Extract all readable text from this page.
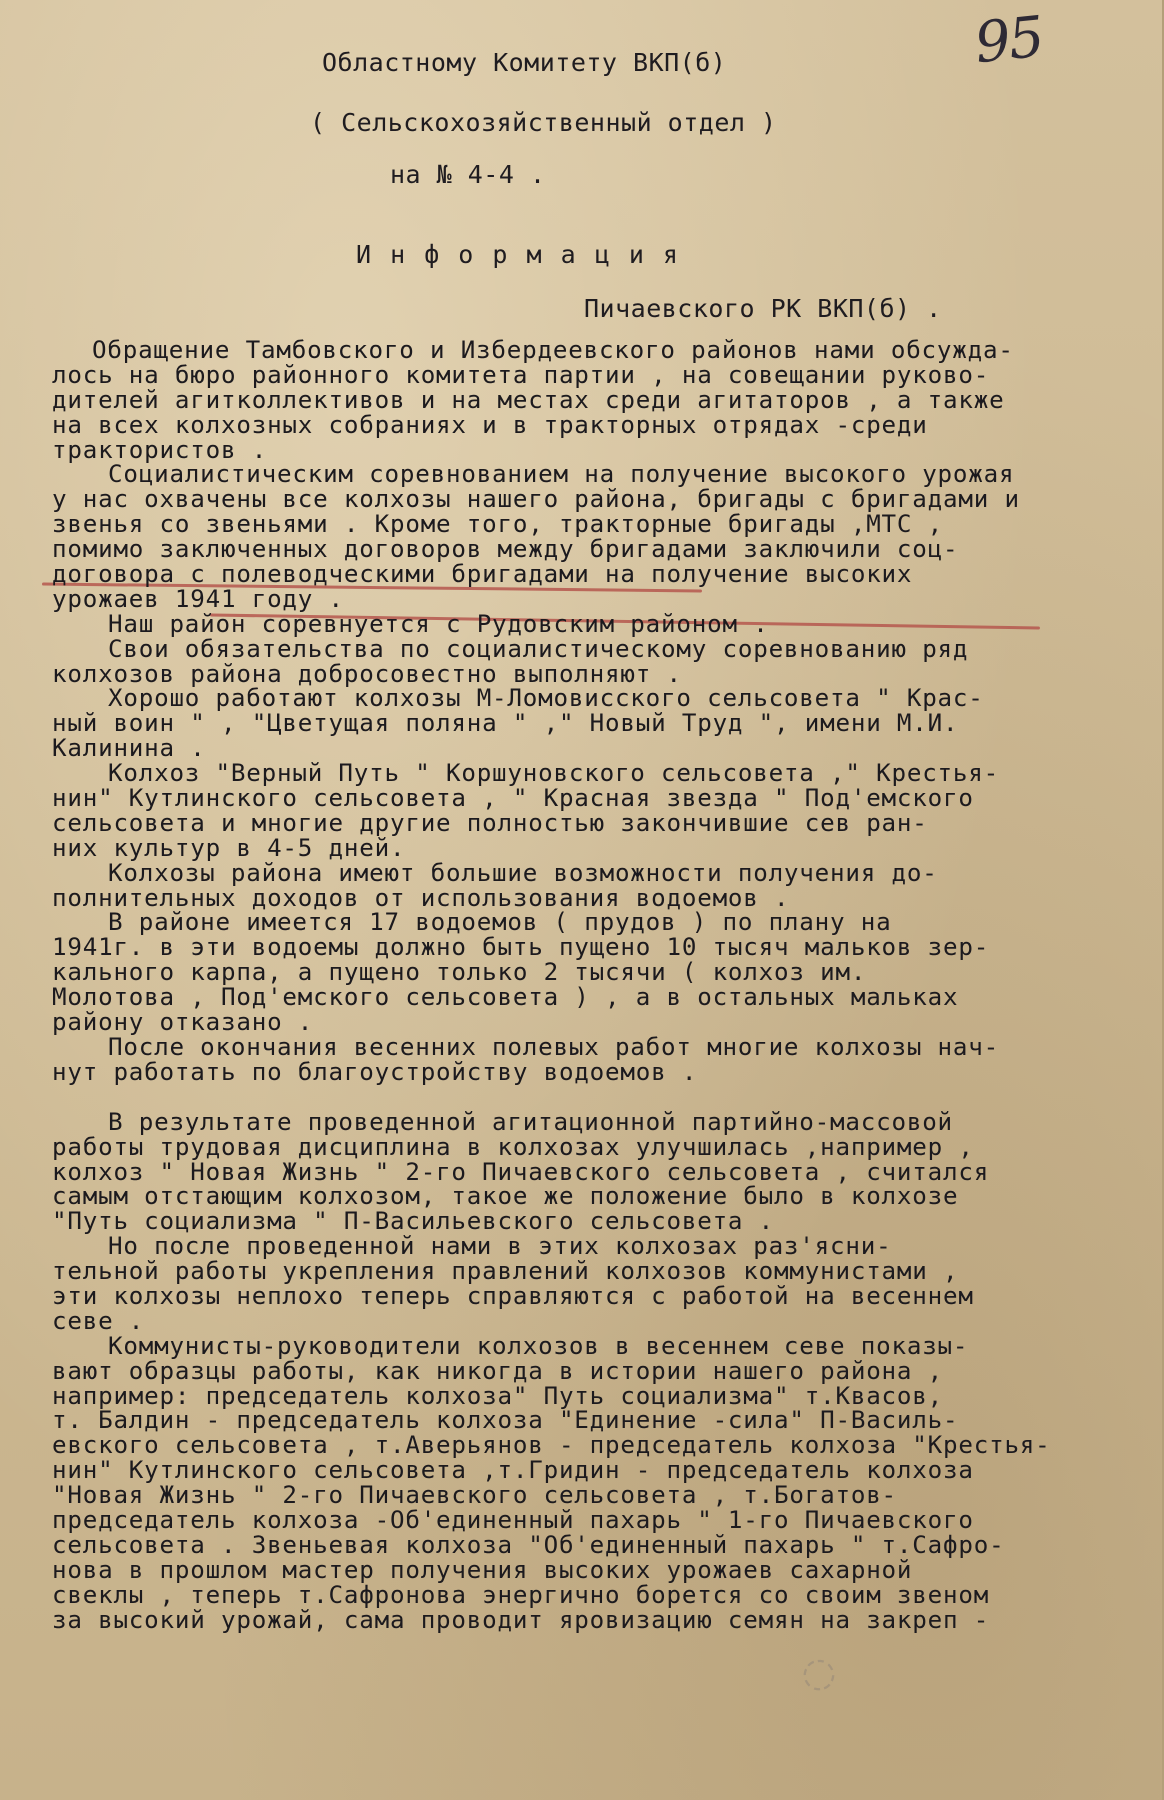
95
Областному Комитету ВКП(б)
( Сельскохозяйственный отдел )
на № 4-4 .
И н ф о р м а ц и я
Пичаевского РК ВКП(б) .
Обращение Тамбовского и Избердеевского районов нами обсужда-
лось на бюро районного комитета партии , на совещании руково-
дителей агитколлективов и на местах среди агитаторов , а также
на всех колхозных собраниях и в тракторных отрядах -среди
трактористов .
Социалистическим соревнованием на получение высокого урожая
у нас охвачены все колхозы нашего района, бригады с бригадами и
звенья со звеньями . Кроме того, тракторные бригады ,МТС ,
помимо заключенных договоров между бригадами заключили соц-
договора с полеводческими бригадами на получение высоких
урожаев 1941 году .
Наш район соревнуется с Рудовским районом .
Свои обязательства по социалистическому соревнованию ряд
колхозов района добросовестно выполняют .
Хорошо работают колхозы М-Ломовисского сельсовета " Крас-
ный воин " , "Цветущая поляна " ," Новый Труд ", имени М.И.
Калинина .
Колхоз "Верный Путь " Коршуновского сельсовета ," Крестья-
нин" Кутлинского сельсовета , " Красная звезда " Под'емского
сельсовета и многие другие полностью закончившие сев ран-
них культур в 4-5 дней.
Колхозы района имеют большие возможности получения до-
полнительных доходов от использования водоемов .
В районе имеется 17 водоемов ( прудов ) по плану на
1941г. в эти водоемы должно быть пущено 10 тысяч мальков зер-
кального карпа, а пущено только 2 тысячи ( колхоз им.
Молотова , Под'емского сельсовета ) , а в остальных мальках
району отказано .
После окончания весенних полевых работ многие колхозы нач-
нут работать по благоустройству водоемов .
В результате проведенной агитационной партийно-массовой
работы трудовая дисциплина в колхозах улучшилась ,например ,
колхоз " Новая Жизнь " 2-го Пичаевского сельсовета , считался
самым отстающим колхозом, такое же положение было в колхозе
"Путь социализма " П-Васильевского сельсовета .
Но после проведенной нами в этих колхозах раз'ясни-
тельной работы укрепления правлений колхозов коммунистами ,
эти колхозы неплохо теперь справляются с работой на весеннем
севе .
Коммунисты-руководители колхозов в весеннем севе показы-
вают образцы работы, как никогда в истории нашего района ,
например: председатель колхоза" Путь социализма" т.Квасов,
т. Балдин - председатель колхоза "Единение -сила" П-Василь-
евского сельсовета , т.Аверьянов - председатель колхоза "Крестья-
нин" Кутлинского сельсовета ,т.Гридин - председатель колхоза
"Новая Жизнь " 2-го Пичаевского сельсовета , т.Богатов-
председатель колхоза -Об'единенный пахарь " 1-го Пичаевского
сельсовета . Звеньевая колхоза "Об'единенный пахарь " т.Сафро-
нова в прошлом мастер получения высоких урожаев сахарной
свеклы , теперь т.Сафронова энергично борется со своим звеном
за высокий урожай, сама проводит яровизацию семян на закреп -
◌
